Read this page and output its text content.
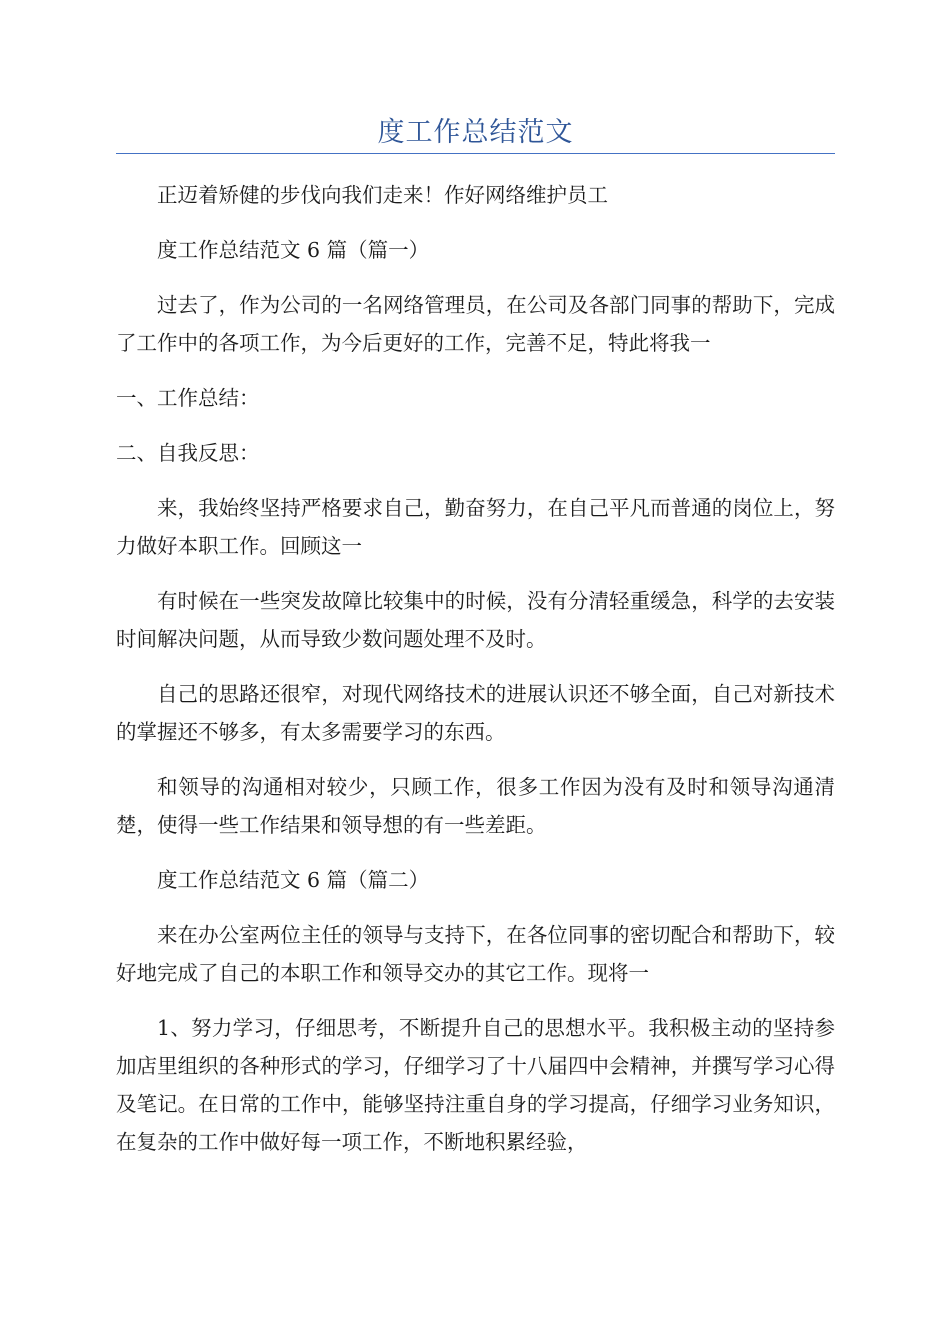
度工作总结范文

正迈着矫健的步伐向我们走来！作好网络维护员工

度工作总结范文 6 篇（篇一）

过去了，作为公司的一名网络管理员，在公司及各部门同事的帮助下，完成了工作中的各项工作，为今后更好的工作，完善不足，特此将我一

一、工作总结：

二、自我反思：

来，我始终坚持严格要求自己，勤奋努力，在自己平凡而普通的岗位上，努力做好本职工作。回顾这一

有时候在一些突发故障比较集中的时候，没有分清轻重缓急，科学的去安装时间解决问题，从而导致少数问题处理不及时。

自己的思路还很窄，对现代网络技术的进展认识还不够全面，自己对新技术的掌握还不够多，有太多需要学习的东西。

和领导的沟通相对较少，只顾工作，很多工作因为没有及时和领导沟通清楚，使得一些工作结果和领导想的有一些差距。

度工作总结范文 6 篇（篇二）

来在办公室两位主任的领导与支持下，在各位同事的密切配合和帮助下，较好地完成了自己的本职工作和领导交办的其它工作。现将一

1、努力学习，仔细思考，不断提升自己的思想水平。我积极主动的坚持参加店里组织的各种形式的学习，仔细学习了十八届四中会精神，并撰写学习心得及笔记。在日常的工作中，能够坚持注重自身的学习提高，仔细学习业务知识，在复杂的工作中做好每一项工作，不断地积累经验，
